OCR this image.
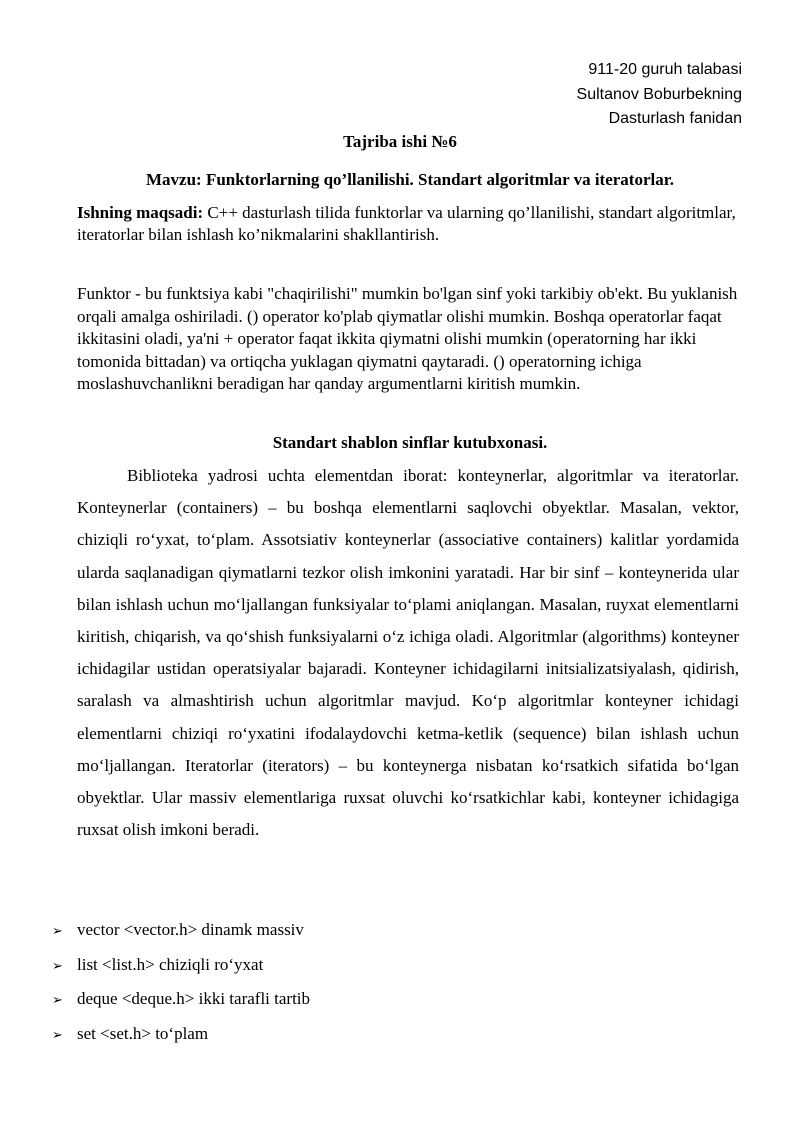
911-20 guruh talabasi
Sultanov Boburbekning
Dasturlash fanidan
Tajriba ishi №6
Mavzu: Funktorlarning qo’llanilishi. Standart algoritmlar va iteratorlar.
Ishning maqsadi: C++ dasturlash tilida funktorlar va ularning qo’llanilishi, standart algoritmlar, iteratorlar bilan ishlash ko’nikmalarini shakllantirish.
Funktor - bu funktsiya kabi "chaqirilishi" mumkin bo'lgan sinf yoki tarkibiy ob'ekt. Bu yuklanish orqali amalga oshiriladi. () operator ko'plab qiymatlar olishi mumkin. Boshqa operatorlar faqat ikkitasini oladi, ya'ni + operator faqat ikkita qiymatni olishi mumkin (operatorning har ikki tomonida bittadan) va ortiqcha yuklagan qiymatni qaytaradi. () operatorning ichiga moslashuvchanlikni beradigan har qanday argumentlarni kiritish mumkin.
Standart shablon sinflar kutubxonasi.
Biblioteka yadrosi uchta elementdan iborat: konteynerlar, algoritmlar va iteratorlar. Konteynerlar (containers) – bu boshqa elementlarni saqlovchi obyektlar. Masalan, vektor, chiziqli ro‘yxat, to‘plam. Assotsiativ konteynerlar (associative containers) kalitlar yordamida ularda saqlanadigan qiymatlarni tezkor olish imkonini yaratadi. Har bir sinf – konteynerida ular bilan ishlash uchun mo‘ljallangan funksiyalar to‘plami aniqlangan. Masalan, ruyxat elementlarni kiritish, chiqarish, va qo‘shish funksiyalarni o‘z ichiga oladi. Algoritmlar (algorithms) konteyner ichidagilar ustidan operatsiyalar bajaradi. Konteyner ichidagilarni initsializatsiyalash, qidirish, saralash va almashtirish uchun algoritmlar mavjud. Ko‘p algoritmlar konteyner ichidagi elementlarni chiziqi ro‘yxatini ifodalaydovchi ketma-ketlik (sequence) bilan ishlash uchun mo‘ljallangan. Iteratorlar (iterators) – bu konteynerga nisbatan ko‘rsatkich sifatida bo‘lgan obyektlar. Ular massiv elementlariga ruxsat oluvchi ko‘rsatkichlar kabi, konteyner ichidagiga ruxsat olish imkoni beradi.
➢ vector <vector.h> dinamk massiv
➢ list <list.h> chiziqli ro‘yxat
➢ deque <deque.h> ikki tarafli tartib
➢ set <set.h> to‘plam
